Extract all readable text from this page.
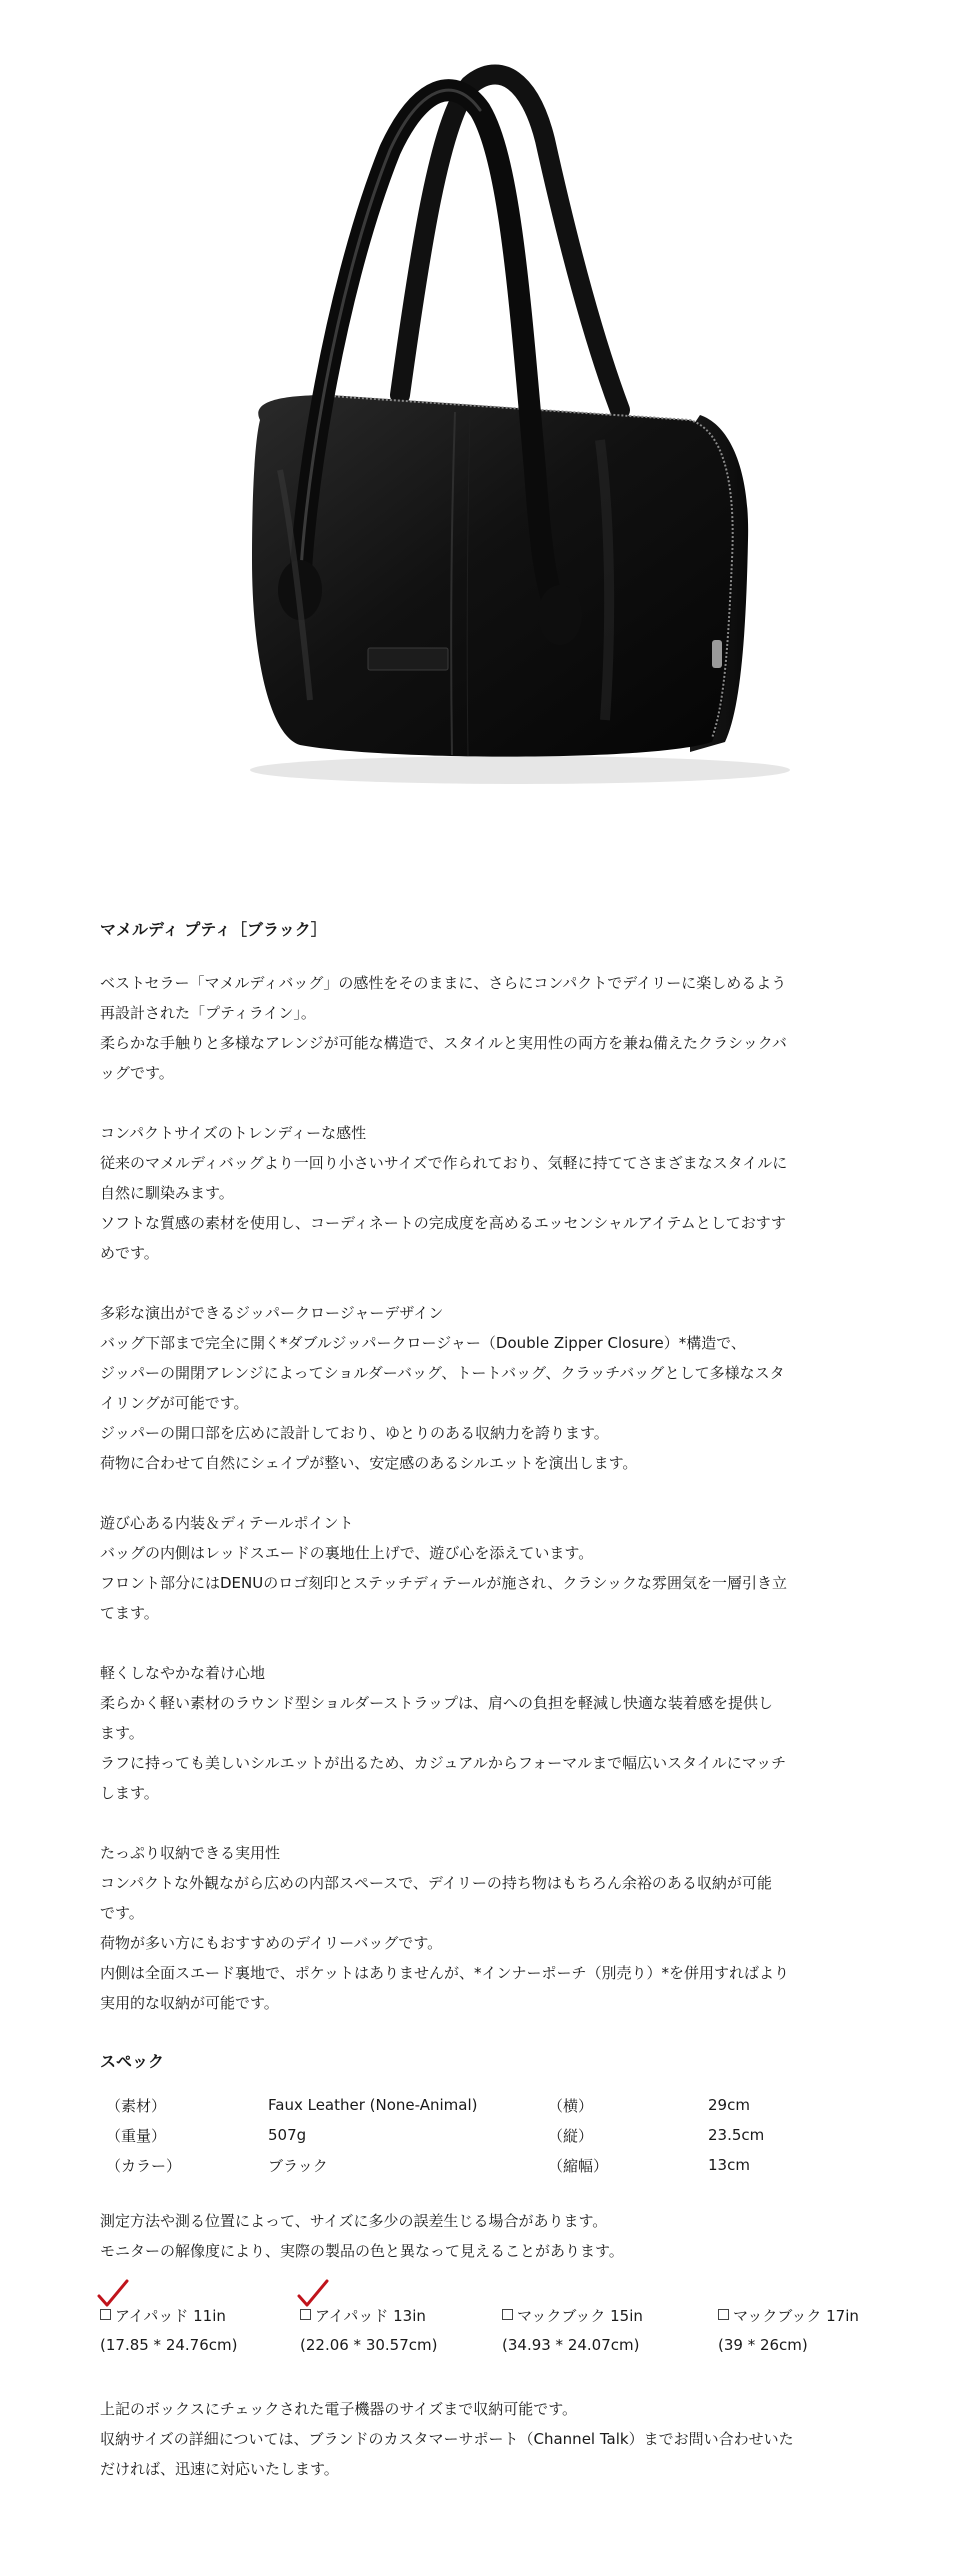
マメルディ プティ［ブラック］

ベストセラー「マメルディバッグ」の感性をそのままに、さらにコンパクトでデイリーに楽しめるよう

再設計された「プティライン」。

柔らかな手触りと多様なアレンジが可能な構造で、スタイルと実用性の両方を兼ね備えたクラシックバ

ッグです。

コンパクトサイズのトレンディーな感性

従来のマメルディバッグより一回り小さいサイズで作られており、気軽に持ててさまざまなスタイルに

自然に馴染みます。

ソフトな質感の素材を使用し、コーディネートの完成度を高めるエッセンシャルアイテムとしておすす

めです。

多彩な演出ができるジッパークロージャーデザイン

バッグ下部まで完全に開く*ダブルジッパークロージャー（Double Zipper Closure）*構造で、

ジッパーの開閉アレンジによってショルダーバッグ、トートバッグ、クラッチバッグとして多様なスタ

イリングが可能です。

ジッパーの開口部を広めに設計しており、ゆとりのある収納力を誇ります。

荷物に合わせて自然にシェイプが整い、安定感のあるシルエットを演出します。

遊び心ある内装＆ディテールポイント

バッグの内側はレッドスエードの裏地仕上げで、遊び心を添えています。

フロント部分にはDENUのロゴ刻印とステッチディテールが施され、クラシックな雰囲気を一層引き立

てます。

軽くしなやかな着け心地

柔らかく軽い素材のラウンド型ショルダーストラップは、肩への負担を軽減し快適な装着感を提供し

ます。

ラフに持っても美しいシルエットが出るため、カジュアルからフォーマルまで幅広いスタイルにマッチ

します。

たっぷり収納できる実用性

コンパクトな外観ながら広めの内部スペースで、デイリーの持ち物はもちろん余裕のある収納が可能

です。

荷物が多い方にもおすすめのデイリーバッグです。

内側は全面スエード裏地で、ポケットはありませんが、*インナーポーチ（別売り）*を併用すればより

実用的な収納が可能です。

スペック
（素材）	Faux Leather (None-Animal)	（横）	29cm
（重量）	507g	（縦）	23.5cm
（カラー）	ブラック	（縮幅）	13cm

測定方法や測る位置によって、サイズに多少の誤差生じる場合があります。

モニターの解像度により、実際の製品の色と異なって見えることがあります。

アイパッド 11in
(17.85 * 24.76cm)
アイパッド 13in
(22.06 * 30.57cm)
マックブック 15in
(34.93 * 24.07cm)
マックブック 17in
(39 * 26cm)

上記のボックスにチェックされた電子機器のサイズまで収納可能です。

収納サイズの詳細については、ブランドのカスタマーサポート（Channel Talk）までお問い合わせいた

だければ、迅速に対応いたします。
